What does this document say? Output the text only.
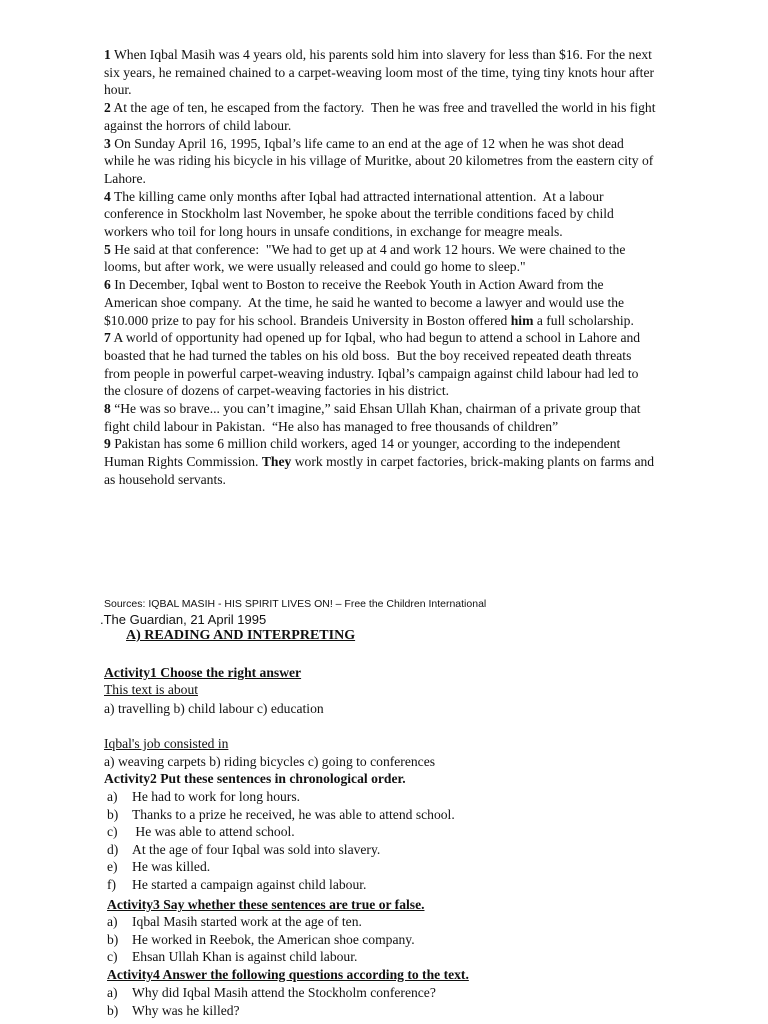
1 When Iqbal Masih was 4 years old, his parents sold him into slavery for less than $16. For the next six years, he remained chained to a carpet-weaving loom most of the time, tying tiny knots hour after hour.

2 At the age of ten, he escaped from the factory.  Then he was free and travelled the world in his fight against the horrors of child labour.

3 On Sunday April 16, 1995, Iqbal’s life came to an end at the age of 12 when he was shot dead while he was riding his bicycle in his village of Muritke, about 20 kilometres from the eastern city of Lahore.

4 The killing came only months after Iqbal had attracted international attention.  At a labour conference in Stockholm last November, he spoke about the terrible conditions faced by child workers who toil for long hours in unsafe conditions, in exchange for meagre meals.

5 He said at that conference:  "We had to get up at 4 and work 12 hours. We were chained to the looms, but after work, we were usually released and could go home to sleep."

6 In December, Iqbal went to Boston to receive the Reebok Youth in Action Award from the American shoe company.  At the time, he said he wanted to become a lawyer and would use the $10.000 prize to pay for his school. Brandeis University in Boston offered him a full scholarship.

7 A world of opportunity had opened up for Iqbal, who had begun to attend a school in Lahore and boasted that he had turned the tables on his old boss.  But the boy received repeated death threats from people in powerful carpet-weaving industry. Iqbal’s campaign against child labour had led to the closure of dozens of carpet-weaving factories in his district.

8 “He was so brave... you can’t imagine,” said Ehsan Ullah Khan, chairman of a private group that fight child labour in Pakistan.  “He also has managed to free thousands of children”

9 Pakistan has some 6 million child workers, aged 14 or younger, according to the independent Human Rights Commission. They work mostly in carpet factories, brick-making plants on farms and as household servants.

Sources: IQBAL MASIH - HIS SPIRIT LIVES ON! – Free the Children International
.The Guardian, 21 April 1995
A) READING AND INTERPRETING
Activity1 Choose the right answer
This text is about
a) travelling b) child labour c) education
Iqbal's job consisted in
a) weaving carpets b) riding bicycles c) going to conferences
Activity2 Put these sentences in chronological order.
a) He had to work for long hours.
b) Thanks to a prize he received, he was able to attend school.
c) He was able to attend school.
d) At the age of four Iqbal was sold into slavery.
e) He was killed.
f) He started a campaign against child labour.
Activity3 Say whether these sentences are true or false.
a) Iqbal Masih started work at the age of ten.
b) He worked in Reebok, the American shoe company.
c) Ehsan Ullah Khan is against child labour.
Activity4 Answer the following questions according to the text.
a) Why did Iqbal Masih attend the Stockholm conference?
b) Why was he killed?
